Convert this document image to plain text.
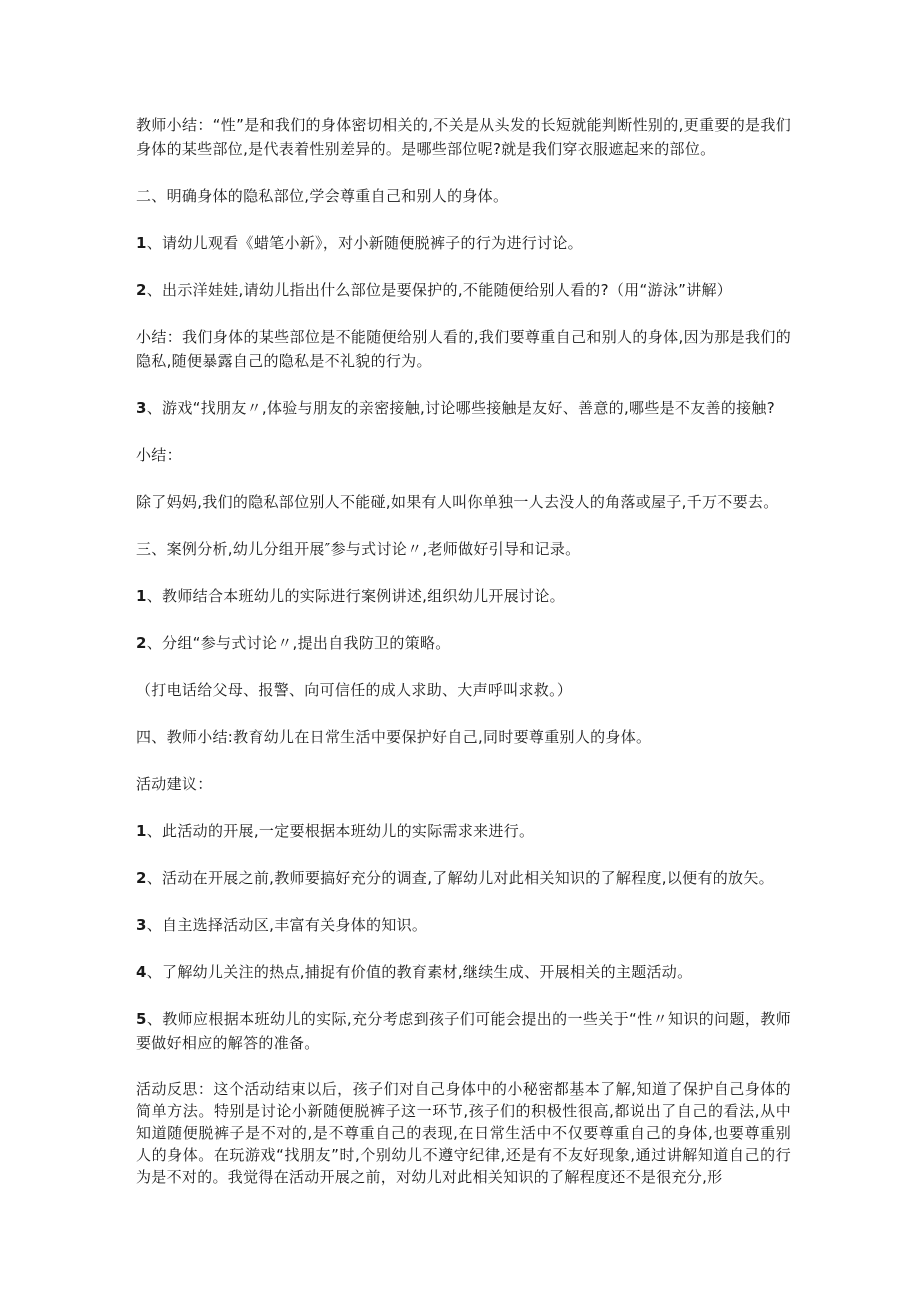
教师小结：“性”是和我们的身体密切相关的,不关是从头发的长短就能判断性别的,更重要的是我们身体的某些部位,是代表着性别差异的。是哪些部位呢?就是我们穿衣服遮起来的部位。

二、明确身体的隐私部位,学会尊重自己和别人的身体。

1、请幼儿观看《蜡笔小新》，对小新随便脱裤子的行为进行讨论。

2、出示洋娃娃,请幼儿指出什么部位是要保护的,不能随便给别人看的?（用“游泳”讲解）

小结：我们身体的某些部位是不能随便给别人看的,我们要尊重自己和别人的身体,因为那是我们的隐私,随便暴露自己的隐私是不礼貌的行为。

3、游戏“找朋友〃,体验与朋友的亲密接触,讨论哪些接触是友好、善意的,哪些是不友善的接触?

小结：

除了妈妈,我们的隐私部位别人不能碰,如果有人叫你单独一人去没人的角落或屋子,千万不要去。

三、案例分析,幼儿分组开展″参与式讨论〃,老师做好引导和记录。

1、教师结合本班幼儿的实际进行案例讲述,组织幼儿开展讨论。

2、分组“参与式讨论〃,提出自我防卫的策略。

（打电话给父母、报警、向可信任的成人求助、大声呼叫求救。）

四、教师小结:教育幼儿在日常生活中要保护好自己,同时要尊重别人的身体。

活动建议：

1、此活动的开展,一定要根据本班幼儿的实际需求来进行。

2、活动在开展之前,教师要搞好充分的调查,了解幼儿对此相关知识的了解程度,以便有的放矢。

3、自主选择活动区,丰富有关身体的知识。

4、了解幼儿关注的热点,捕捉有价值的教育素材,继续生成、开展相关的主题活动。

5、教师应根据本班幼儿的实际,充分考虑到孩子们可能会提出的一些关于“性〃知识的问题，教师要做好相应的解答的准备。

活动反思：这个活动结束以后，孩子们对自己身体中的小秘密都基本了解,知道了保护自己身体的简单方法。特别是讨论小新随便脱裤子这一环节,孩子们的积极性很高,都说出了自己的看法,从中知道随便脱裤子是不对的,是不尊重自己的表现,在日常生活中不仅要尊重自己的身体,也要尊重别人的身体。在玩游戏“找朋友”时,个别幼儿不遵守纪律,还是有不友好现象,通过讲解知道自己的行为是不对的。我觉得在活动开展之前，对幼儿对此相关知识的了解程度还不是很充分,形
